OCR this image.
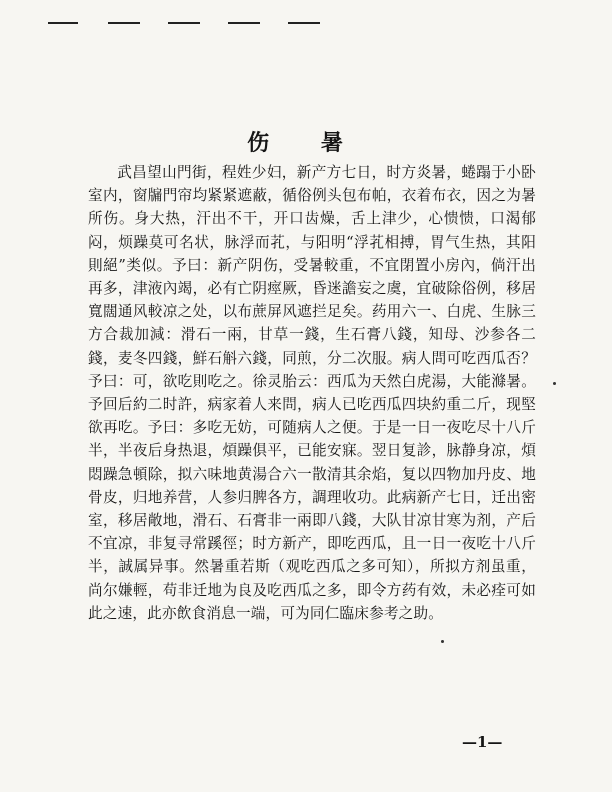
伤 暑

武昌望山門街，程姓少妇，新产方七日，时方炎暑，蜷蹋于小卧室内，窗牖門帘均紧紧遮蔽，循俗例头包布帕，衣着布衣，因之为暑所伤。身大热，汗出不干，开口齿燥，舌上津少，心愦愦，口渴郁闷，烦躁莫可名状，脉浮而芤，与阳明“浮芤相搏，胃气生热，其阳則絕”类似。予曰：新产阴伤，受暑較重，不宜閉置小房內，倘汗出再多，津液內竭，必有亡阴痙厥，昏迷譫妄之虞，宜破除俗例，移居寬闊通风較凉之处，以布蔗屏风遮拦足矣。药用六一、白虎、生脉三方合裁加減：滑石一兩，甘草一錢，生石膏八錢，知母、沙参各二錢，麦冬四錢，鮮石斛六錢，同煎，分二次服。病人問可吃西瓜否？予曰：可，欲吃則吃之。徐灵胎云：西瓜为天然白虎湯，大能滌暑。予回后約二时許，病家着人来問，病人已吃西瓜四块約重二斤，现堅欲再吃。予曰：多吃无妨，可随病人之便。于是一日一夜吃尽十八斤半，半夜后身热退，煩躁俱平，已能安寐。翌日复診，脉静身凉，煩悶躁急頓除，拟六味地黄湯合六一散清其余焰，复以四物加丹皮、地骨皮，归地养营，人参归脾各方，調理收功。此病新产七日，迁出密室，移居敞地，滑石、石膏非一兩即八錢，大队甘凉甘寒为剂，产后不宜凉，非复寻常蹊徑；时方新产，即吃西瓜，且一日一夜吃十八斤半，誠属异事。然暑重若斯（观吃西瓜之多可知），所拟方剂虽重，尚尔嫌輕，苟非迁地为良及吃西瓜之多，即令方药有效，未必痊可如此之速，此亦飲食消息一端，可为同仁臨床参考之助。

—1—
